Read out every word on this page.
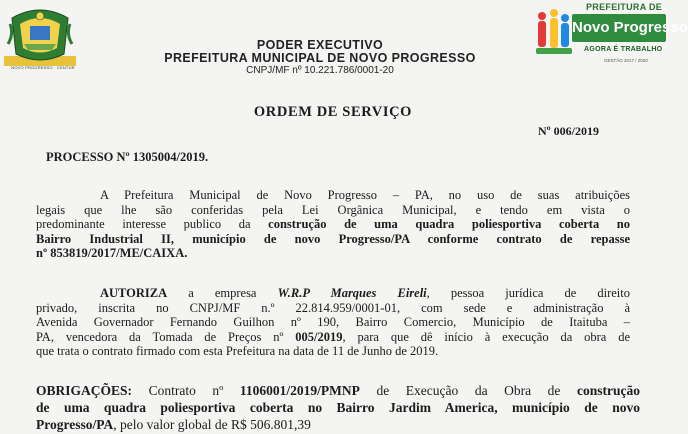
NOVO PROGRESSO · CENTUR
PREFEITURA DE
Novo Progresso
AGORA É TRABALHO
GESTÃO 2017 / 2020
PODER EXECUTIVO
PREFEITURA MUNICIPAL DE NOVO PROGRESSO
CNPJ/MF nº 10.221.786/0001-20
ORDEM DE SERVIÇO
Nº 006/2019
PROCESSO Nº 1305004/2019.
A Prefeitura Municipal de Novo Progresso – PA, no uso de suas atribuições
legais que lhe são conferidas pela Lei Orgânica Municipal, e tendo em vista o
predominante interesse publico da construção de uma quadra poliesportiva coberta no
Bairro Industrial II, município de novo Progresso/PA conforme contrato de repasse
nº 853819/2017/ME/CAIXA.
AUTORIZA a empresa W.R.P Marques Eireli, pessoa jurídica de direito
privado, inscrita no CNPJ/MF n.º 22.814.959/0001-01, com sede e administração à
Avenida Governador Fernando Guilhon nº 190, Bairro Comercio, Município de Itaituba –
PA, vencedora da Tomada de Preços nº 005/2019, para que dê início à execução da obra de
que trata o contrato firmado com esta Prefeitura na data de 11 de Junho de 2019.
OBRIGAÇÕES: Contrato nº 1106001/2019/PMNP de Execução da Obra de construção
de uma quadra poliesportiva coberta no Bairro Jardim America, município de novo
Progresso/PA, pelo valor global de R$ 506.801,39
